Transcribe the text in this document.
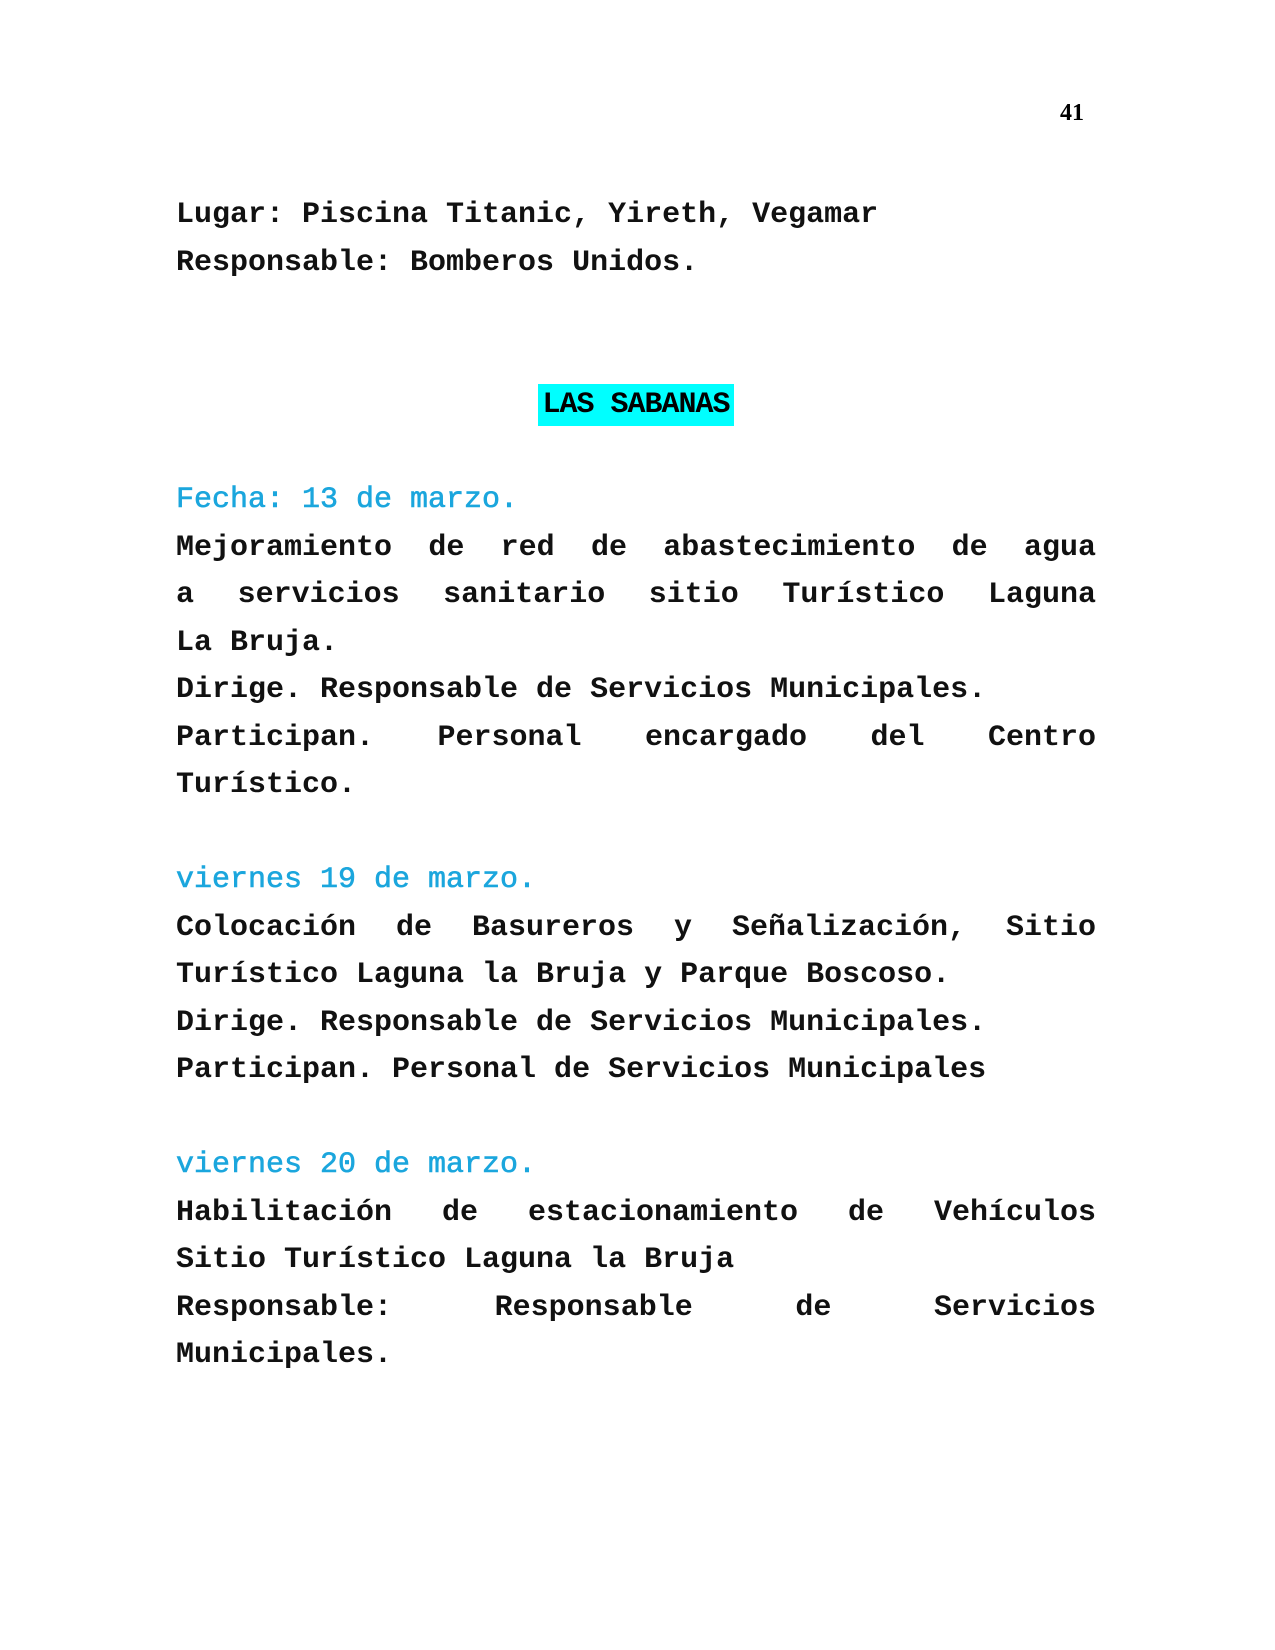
41
Lugar: Piscina Titanic, Yireth, Vegamar
Responsable: Bomberos Unidos.
LAS SABANAS
Fecha: 13 de marzo.
Mejoramiento de red de abastecimiento de agua
a servicios sanitario sitio Turístico Laguna
La Bruja.
Dirige. Responsable de Servicios Municipales.
Participan. Personal encargado del Centro
Turístico.
viernes 19 de marzo.
Colocación de Basureros y Señalización, Sitio
Turístico Laguna la Bruja y Parque Boscoso.
Dirige. Responsable de Servicios Municipales.
Participan. Personal de Servicios Municipales
viernes 20 de marzo.
Habilitación de estacionamiento de Vehículos
Sitio Turístico Laguna la Bruja
Responsable: Responsable de Servicios
Municipales.
